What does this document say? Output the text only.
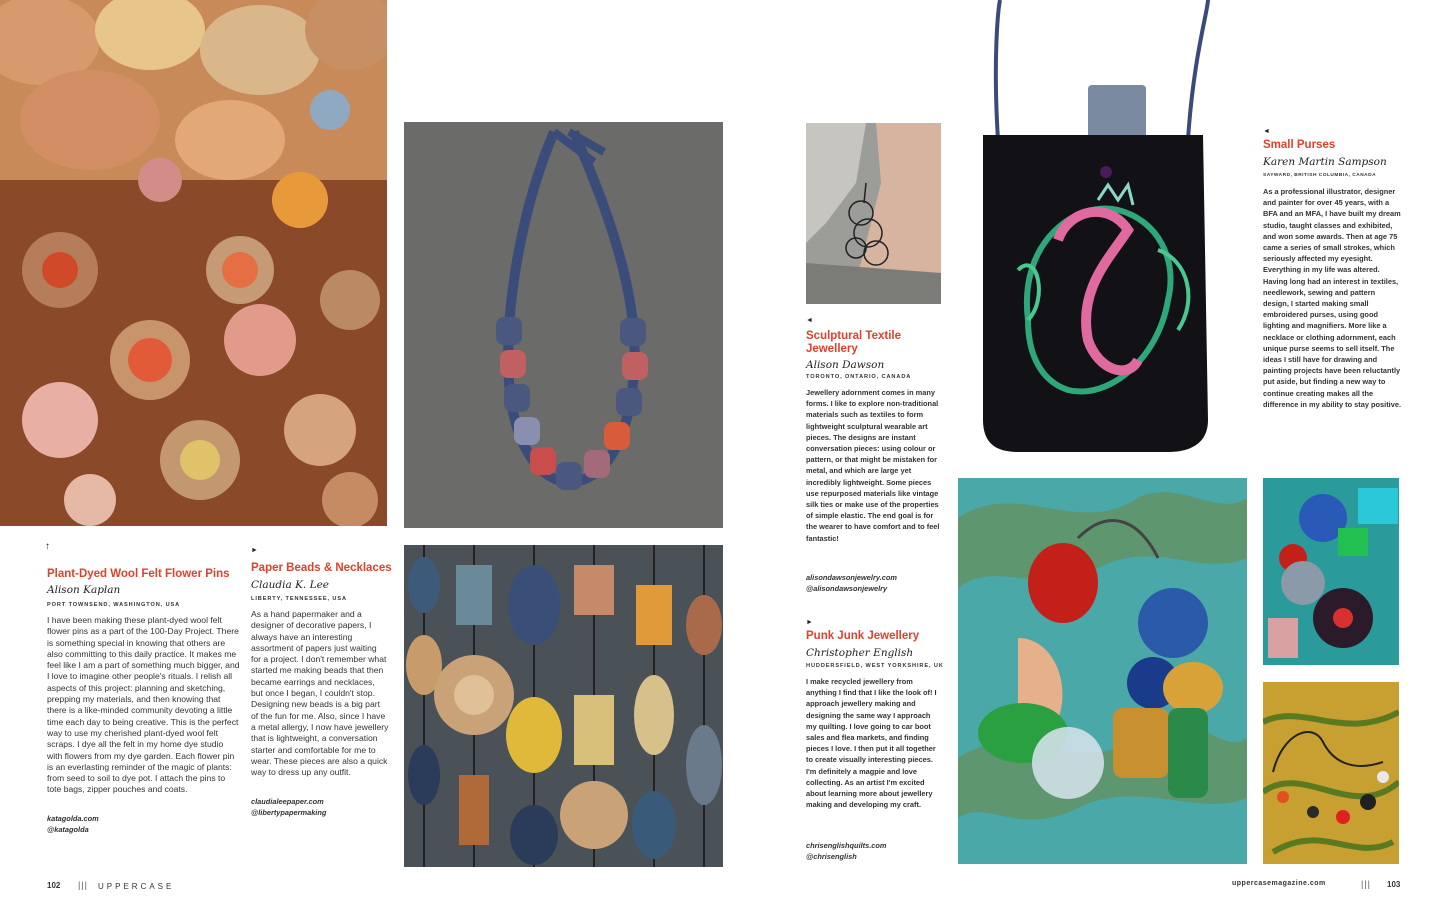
↑
Plant-Dyed Wool Felt Flower Pins
Alison Kaplan
PORT TOWNSEND, WASHINGTON, USA
I have been making these plant-dyed wool felt flower pins as a part of the 100-Day Project. There is something special in knowing that others are also committing to this daily practice. It makes me feel like I am a part of something much bigger, and I love to imagine other people's rituals. I relish all aspects of this project: planning and sketching, prepping my materials, and then knowing that there is a like-minded community devoting a little time each day to being creative. This is the perfect way to use my cherished plant-dyed wool felt scraps. I dye all the felt in my home dye studio with flowers from my dye garden. Each flower pin is an everlasting reminder of the magic of plants: from seed to soil to dye pot. I attach the pins to tote bags, zipper pouches and coats.
katagolda.com
@katagolda
►
Paper Beads & Necklaces
Claudia K. Lee
LIBERTY, TENNESSEE, USA
As a hand papermaker and a designer of decorative papers, I always have an interesting assortment of papers just waiting for a project. I don't remember what started me making beads that then became earrings and necklaces, but once I began, I couldn't stop. Designing new beads is a big part of the fun for me. Also, since I have a metal allergy, I now have jewellery that is lightweight, a conversation starter and comfortable for me to wear. These pieces are also a quick way to dress up any outfit.
claudialeepaper.com
@libertypapermaking
◄
Sculptural Textile Jewellery
Alison Dawson
TORONTO, ONTARIO, CANADA
Jewellery adornment comes in many forms. I like to explore non-traditional materials such as textiles to form lightweight sculptural wearable art pieces. The designs are instant conversation pieces: using colour or pattern, or that might be mistaken for metal, and which are large yet incredibly lightweight. Some pieces use repurposed materials like vintage silk ties or make use of the properties of simple elastic. The end goal is for the wearer to have comfort and to feel fantastic!
alisondawsonjewelry.com
@alisondawsonjewelry
►
Punk Junk Jewellery
Christopher English
HUDDERSFIELD, WEST YORKSHIRE, UK
I make recycled jewellery from anything I find that I like the look of! I approach jewellery making and designing the same way I approach my quilting. I love going to car boot sales and flea markets, and finding pieces I love. I then put it all together to create visually interesting pieces. I'm definitely a magpie and love collecting. As an artist I'm excited about learning more about jewellery making and developing my craft.
chrisenglishquilts.com
@chrisenglish
◄
Small Purses
Karen Martin Sampson
SAYWARD, BRITISH COLUMBIA, CANADA
As a professional illustrator, designer and painter for over 45 years, with a BFA and an MFA, I have built my dream studio, taught classes and exhibited, and won some awards. Then at age 75 came a series of small strokes, which seriously affected my eyesight. Everything in my life was altered. Having long had an interest in textiles, needlework, sewing and pattern design, I started making small embroidered purses, using good lighting and magnifiers. More like a necklace or clothing adornment, each unique purse seems to sell itself. The ideas I still have for drawing and painting projects have been reluctantly put aside, but finding a new way to continue creating makes all the difference in my ability to stay positive.
102 ||| UPPERCASE	uppercasemagazine.com	||| 103
